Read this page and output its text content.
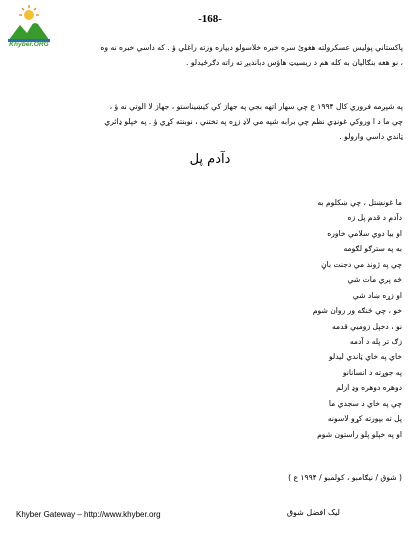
Khyber.ORG
-168-

پاکستاني پوليس عسکرولته هغوئ سره خبره خلاسولو ديپاره ورته راغلي ؤ . که داسي خبره نه وه ، نو هغه بنګاليان به کله هم د ريسيټ هاؤس دبانديږ ته راته دګرځيدلو .

په شپږمه فروري کال ۱۹۹۴ ع چي سهار اتهه بجي په جهاز کي کيښيناستو ، جهاز لا الوتي نه ؤ ، چي ما د ا وروکي غونډي نظم چي برابه شپه مي لاډ زړه په تختني ، نوبنته کړي ؤ . په خپلو ډائري ټاندي داسي وارولو .

دآدم پل
ما غونښتل ، چي ښکلوم به
دآدم د قدم پل زه
او بيا دوي سلامي خاوره
به په سترګو لګومه
چي په ژوند مي دجنت باڼ
څه پري مات شي
او زړه ښاد شي
خو ، چي څنګه ور روان شوم
نو ، دخپل زوميي قدمه
زګ تر پله د آدمه
خاي په خاي ټاندي ليدلو
په جوړته د انسانانو
دوهره دوهره وډ ارلم
چي په خاي د سجدي ما
پل ته بپورته کړو لاسونه
او په خپلو پلو راستون شوم
( شوق / نيګامبو ، کولمبو / ۱۹۹۴ ع )
Khyber Gateway – http://www.khyber.org	ليک افضل شوق
